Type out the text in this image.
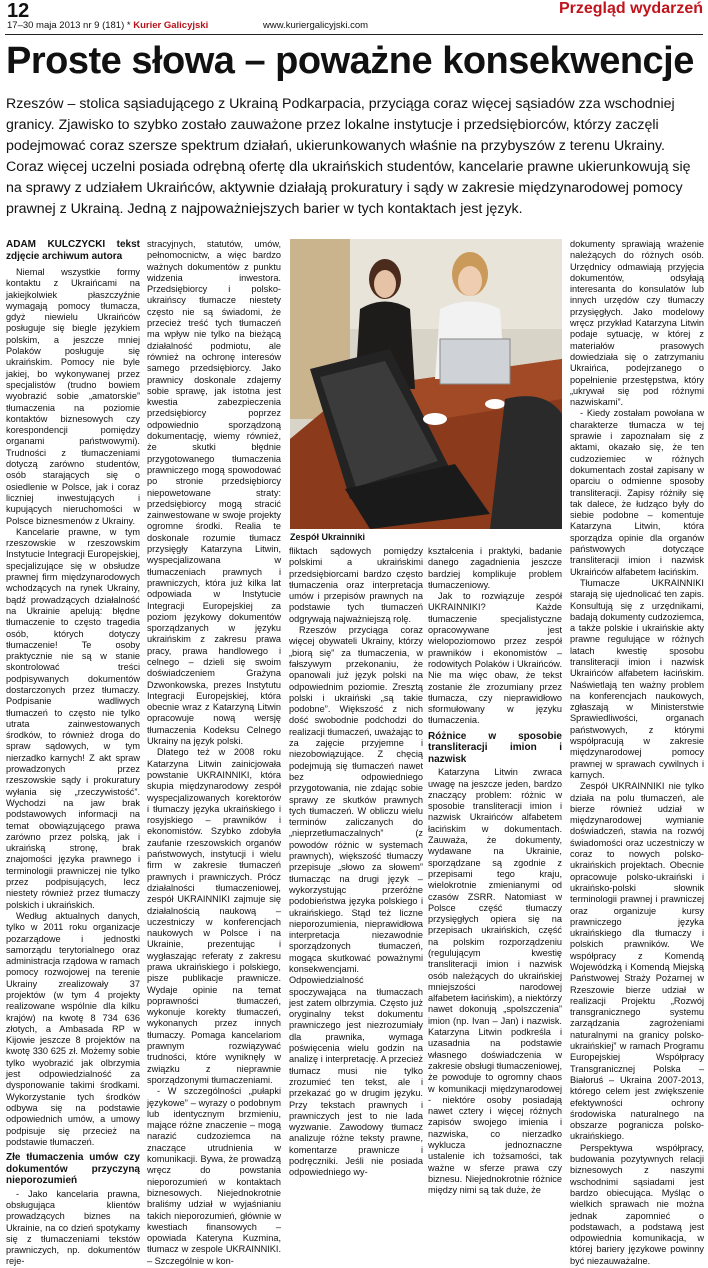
12
17–30 maja 2013 nr 9 (181) * Kurier Galicyjski	www.kuriergalicyjski.com
Przegląd wydarzeń
Proste słowa – poważne konsekwencje
Rzeszów – stolica sąsiadującego z Ukrainą Podkarpacia, przyciąga coraz więcej sąsiadów zza wschodniej granicy. Zjawisko to szybko zostało zauważone przez lokalne instytucje i przedsiębiorców, którzy zaczęli podejmować coraz szersze spektrum działań, ukierunkowanych właśnie na przybyszów z terenu Ukrainy. Coraz więcej uczelni posiada odrębną ofertę dla ukraińskich studentów, kancelarie prawne ukierunkowują się na sprawy z udziałem Ukraińców, aktywnie działają prokuratury i sądy w zakresie międzynarodowej pomocy prawnej z Ukrainą. Jedną z najpoważniejszych barier w tych kontaktach jest język.
ADAM KULCZYCKI tekst zdjęcie archiwum autora

Niemal wszystkie formy kontaktu z Ukraińcami na jakiejkolwiek płaszczyźnie wymagają pomocy tłumacza, gdyż niewielu Ukraińców posługuje się biegle językiem polskim, a jeszcze mniej Polaków posługuje się ukraińskim. Pomocy nie byle jakiej, bo wykonywanej przez specjalistów (trudno bowiem wyobrazić sobie „amatorskie” tłumaczenia na poziomie kontaktów biznesowych czy korespondencji pomiędzy organami państwowymi). Trudności z tłumaczeniami dotyczą zarówno studentów, osób starających się o osiedlenie w Polsce, jak i coraz liczniej inwestujących i kupujących nieruchomości w Polsce biznesmenów z Ukrainy.

Kancelarie prawne, w tym rzeszowskie w rzeszowskim Instytucie Integracji Europejskiej, specjalizujące się w obsłudze prawnej firm międzynarodowych wchodzących na rynek Ukrainy, bądź prowadzących działalność na Ukrainie apelują: błędne tłumaczenie to często tragedia osób, których dotyczy tłumaczenie! Te osoby praktycznie nie są w stanie skontrolować treści podpisywanych dokumentów dostarczonych przez tłumaczy. Podpisanie wadliwych tłumaczeń to często nie tylko utrata zainwestowanych środków, to również droga do spraw sądowych, w tym nierzadko karnych! Z akt spraw prowadzonych przez rzeszowskie sądy i prokuratury wyłania się „rzeczywistość”. Wychodzi na jaw brak podstawowych informacji na temat obowiązującego prawa zarówno przez polską, jak i ukraińską stronę, brak znajomości języka prawnego i terminologii prawniczej nie tylko przez podpisujących, lecz niestety również przez tłumaczy polskich i ukraińskich.

Według aktualnych danych, tylko w 2011 roku organizacje pozarządowe i jednostki samorządu terytorialnego oraz administracja rządowa w ramach pomocy rozwojowej na terenie Ukrainy zrealizowały 37 projektów (w tym 4 projekty realizowane wspólnie dla kilku krajów) na kwotę 8 734 636 złotych, a Ambasada RP w Kijowie jeszcze 8 projektów na kwotę 330 625 zł. Możemy sobie tylko wyobrazić jak olbrzymia jest odpowiedzialność za dysponowanie takimi środkami. Wykorzystanie tych środków odbywa się na podstawie odpowiednich umów, a umowy podpisuje się przecież na podstawie tłumaczeń.

Złe tłumaczenia umów czy dokumentów przyczyną nieporozumień

- Jako kancelaria prawna, obsługująca klientów prowadzących biznes na Ukrainie, na co dzień spotykamy się z tłumaczeniami tekstów prawniczych, np. dokumentów reje-

stracyjnych, statutów, umów, pełnomocnictw, a więc bardzo ważnych dokumentów z punktu widzenia inwestora. Przedsiębiorcy i polsko-ukraińscy tłumacze niestety często nie są świadomi, że przecież treść tych tłumaczeń ma wpływ nie tylko na bieżącą działalność podmiotu, ale również na ochronę interesów samego przedsiębiorcy. Jako prawnicy doskonale zdajemy sobie sprawę, jak istotna jest kwestia zabezpieczenia przedsiębiorcy poprzez odpowiednio sporządzoną dokumentację, wiemy również, że skutki błędnie przygotowanego tłumaczenia prawniczego mogą spowodować po stronie przedsiębiorcy niepowetowane straty: przedsiębiorcy mogą stracić zainwestowane w swoje projekty ogromne środki. Realia te doskonale rozumie tłumacz przysięgły Katarzyna Litwin, wyspecjalizowana w tłumaczeniach prawnych i prawniczych, która już kilka lat odpowiada w Instytucie Integracji Europejskiej za poziom językowy dokumentów sporządzanych w języku ukraińskim z zakresu prawa pracy, prawa handlowego i celnego – dzieli się swoim doświadczeniem Grażyna Dzwonkowska, prezes Instytutu Integracji Europejskiej, która obecnie wraz z Katarzyną Litwin opracowuje nową wersję tłumaczenia Kodeksu Celnego Ukrainy na język polski.

Dlatego też w 2008 roku Katarzyna Litwin zainicjowała powstanie UKRAINNIKI, która skupia międzynarodowy zespół wyspecjalizowanych korektorów i tłumaczy języka ukraińskiego i rosyjskiego – prawników i ekonomistów. Szybko zdobyła zaufanie rzeszowskich organów państwowych, instytucji i wielu firm w zakresie tłumaczeń prawnych i prawniczych. Prócz działalności tłumaczeniowej, zespół UKRAINNIKI zajmuje się działalnością naukową – uczestniczy w konferencjach naukowych w Polsce i na Ukrainie, prezentując i wygłaszając referaty z zakresu prawa ukraińskiego i polskiego, pisze publikacje prawnicze. Wydaje opinie na temat poprawności tłumaczeń, wykonuje korekty tłumaczeń, wykonanych przez innych tłumaczy. Pomaga kancelariom prawnym rozwiązywać trudności, które wyniknęły w związku z nieprawnie sporządzonymi tłumaczeniami.

- W szczególności „pułapki językowe” – wyrazy o podobnym lub identycznym brzmieniu, mające różne znaczenie – mogą narazić cudzoziemca na znaczące utrudnienia w komunikacji. Bywa, że prowadzą wręcz do powstania nieporozumień w kontaktach biznesowych. Niejednokrotnie braliśmy udział w wyjaśnianiu takich nieporozumień, głównie w kwestiach finansowych – opowiada Katerynа Kuzmina, tłumacz w zespole UKRAINNIKI. – Szczególnie w kon-

Zespół Ukrainniki

fliktach sądowych pomiędzy polskimi a ukraińskimi przedsiębiorcami bardzo często tłumaczenia oraz interpretacja umów i przepisów prawnych na podstawie tych tłumaczeń odgrywają najważniejszą rolę.

Rzeszów przyciąga coraz więcej obywateli Ukrainy, którzy „biorą się” za tłumaczenia, w fałszywym przekonaniu, że opanowali już język polski na odpowiednim poziomie. Zresztą polski i ukraiński „są takie podobne”. Większość z nich dość swobodnie podchodzi do realizacji tłumaczeń, uważając to za zajęcie przyjemne i niezobowiązujące. Z chęcią podejmują się tłumaczeń nawet bez odpowiedniego przygotowania, nie zdając sobie sprawy ze skutków prawnych tych tłumaczeń. W obliczu wielu terminów zaliczanych do „nieprzetłumaczalnych” (z powodów różnic w systemach prawnych), większość tłumaczy przepisuje „słowo za słowem” tłumacząc na drugi język – wykorzystując przeróżne podobieństwa języka polskiego i ukraińskiego. Stąd też liczne nieporozumienia, nieprawidłowa interpretacja niezawodnie sporządzonych tłumaczeń, mogąca skutkować poważnymi konsekwencjami. Odpowiedzialność spoczywająca na tłumaczach jest zatem olbrzymia. Często już oryginalny tekst dokumentu prawniczego jest niezrozumiały dla prawnika, wymaga poświęcenia wielu godzin na analizę i interpretację. A przecież tłumacz musi nie tylko zrozumieć ten tekst, ale i przekazać go w drugim języku. Przy tekstach prawnych i prawniczych jest to nie lada wyzwanie. Zawodowy tłumacz analizuje różne teksty prawne, komentarze prawnicze i podręczniki. Jeśli nie posiada odpowiedniego wy-

kształcenia i praktyki, badanie danego zagadnienia jeszcze bardziej komplikuje problem tłumaczeniowy.

Jak to rozwiązuje zespół UKRAINNIKI? Każde tłumaczenie specjalistyczne opracowywane jest wielopoziomowo przez zespół prawników i ekonomistów – rodowitych Polaków i Ukraińców. Nie ma więc obaw, że tekst zostanie źle zrozumiany przez tłumacza, czy niepr​awidłowo sformułowany w języku tłumaczenia.

Różnice w sposobie transliteracji imion i nazwisk

Katarzyna Litwin zwraca uwagę na jeszcze jeden, bardzo znaczący problem: różnic w sposobie transliteracji imion i nazwisk Ukraińców alfabetem łacińskim w dokumentach. Zauważa, że dokumenty, wydawane na Ukrainie, sporządzane są zgodnie z przepisami tego kraju, wielokrotnie zmienianymi od czasów ZSRR. Natomiast w Polsce część tłumaczy przysięgłych opiera się na przepisach ukraińskich, część na polskim rozporządzeniu (regulującym kwestię transliteracji imion i nazwisk osób należących do ukraińskiej mniejszości narodowej alfabetem łacińskim), a niektórzy nawet dokonują „spolszczenia” imion (np. Ivan – Jan) i nazwisk. Katarzyna Litwin podkreśla i uzasadnia na podstawie własnego doświadczenia w zakresie obsługi tłumaczeniowej, że powoduje to ogromny chaos w komunikacji międzynarodowej - niektóre osoby posiadają nawet cztery i więcej różnych zapisów swojego imienia i nazwiska, co nierzadko wyklucza jednoznaczne ustalenie ich tożsamości, tak ważne w sferze prawa czy biznesu. Niejednokrotnie różnice między nimi są tak duże, że

dokumenty sprawiają wrażenie należących do różnych osób. Urzędnicy odmawiają przyjęcia dokumentów, odsyłają interesanta do konsulatów lub innych urzędów czy tłumaczy przysięgłych. Jako modelowy wręcz przykład Katarzyna Litwin podaje sytuację, w której z materiałów prasowych dowiedziała się o zatrzymaniu Ukraińca, podejrzanego o popełnienie przestępstwa, który „ukrywał się pod różnymi nazwiskami”.

- Kiedy zostałam powołana w charakterze tłumacza w tej sprawie i zapoznałam się z aktami, okazało się, że ten cudzoziemiec w różnych dokumentach został zapisany w oparciu o odmienne sposoby transliteracji. Zapisy różniły się tak dalece, że łudząco były do siebie podobne – komentuje Katarzyna Litwin, która sporządza opinie dla organów państwowych dotyczące transliteracji imion i nazwisk Ukraińców alfabetem łacińskim.

Tłumacze UKRAINNIKI starają się ujednolicać ten zapis. Konsultują się z urzędnikami, badają dokumenty cudzoziemca, a także polskie i ukraińskie akty prawne regulujące w różnych latach kwestię sposobu transliteracji imion i nazwisk Ukraińców alfabetem łacińskim. Naświetlają ten ważny problem na konferencjach naukowych, zgłaszają w Ministerstwie Sprawiedliwości, organach państwowych, z którymi współpracują w zakresie międzynarodowej pomocy prawnej w sprawach cywilnych i karnych.

Zespół UKRAINNIKI nie tylko działa na polu tłumaczeń, ale bierze również udział w międzynarodowej wymianie doświadczeń, stawia na rozwój świadomości oraz uczestniczy w coraz to nowych polsko-ukraińskich projektach. Obecnie opracowuje polsko-ukraiński i ukraińsko-polski słownik terminologii prawnej i prawniczej oraz organizuje kursy prawniczego języka ukraińskiego dla tłumaczy i polskich prawników. We współpracy z Komendą Wojewódzką i Komendą Miejską Państwowej Straży Pożarnej w Rzeszowie bierze udział w realizacji Projektu „Rozwój transgranicznego systemu zarządzania zagrożeniami naturalnymi na granicy polsko-ukraińskiej” w ramach Programu Europejskiej Współpracy Transgranicznej Polska – Białoruś – Ukraina 2007-2013, którego celem jest zwiększenie efektywności ochrony środowiska naturalnego na obszarze pogranicza polsko-ukraińskiego.

Perspektywa współpracy, budowania pozytywnych relacji biznesowych z naszymi wschodnimi sąsiadami jest bardzo obiecująca. Myśląc o wielkich sprawach nie można jednak zapomnieć o podstawach, a podstawą jest odpowiednia komunikacja, w której bariery językowe powinny być niezauważalne.
